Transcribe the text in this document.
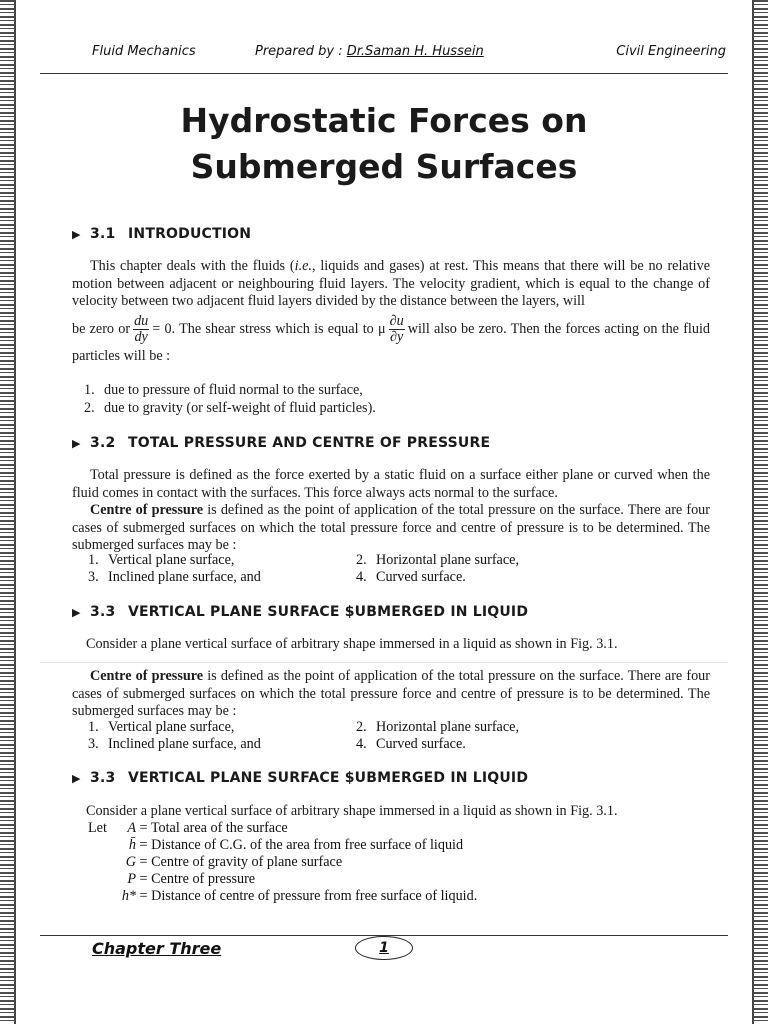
Fluid Mechanics	Prepared by : Dr.Saman H. Hussein	Civil Engineering
Hydrostatic Forces on
Submerged Surfaces
▶ 3.1 INTRODUCTION
This chapter deals with the fluids (i.e., liquids and gases) at rest. This means that there will be no relative motion between adjacent or neighbouring fluid layers. The velocity gradient, which is equal to the change of velocity between two adjacent fluid layers divided by the distance between the layers, will
be zero or $\frac{du}{dy} = 0$. The shear stress which is equal to μ $\frac{\partial u}{\partial y}$ will also be zero. Then the forces acting on the fluid particles will be :
1. due to pressure of fluid normal to the surface,
2. due to gravity (or self-weight of fluid particles).
▶ 3.2 TOTAL PRESSURE AND CENTRE OF PRESSURE
Total pressure is defined as the force exerted by a static fluid on a surface either plane or curved when the fluid comes in contact with the surfaces. This force always acts normal to the surface.
Centre of pressure is defined as the point of application of the total pressure on the surface. There are four cases of submerged surfaces on which the total pressure force and centre of pressure is to be determined. The submerged surfaces may be :
1. Vertical plane surface,	2. Horizontal plane surface,
3. Inclined plane surface, and	4. Curved surface.
▶ 3.3 VERTICAL PLANE SURFACE $UBMERGED IN LIQUID
Consider a plane vertical surface of arbitrary shape immersed in a liquid as shown in Fig. 3.1.
Centre of pressure is defined as the point of application of the total pressure on the surface. There are four cases of submerged surfaces on which the total pressure force and centre of pressure is to be determined. The submerged surfaces may be :
1. Vertical plane surface,	2. Horizontal plane surface,
3. Inclined plane surface, and	4. Curved surface.
▶ 3.3 VERTICAL PLANE SURFACE $UBMERGED IN LIQUID
Consider a plane vertical surface of arbitrary shape immersed in a liquid as shown in Fig. 3.1.
Let A = Total area of the surface
h̄ = Distance of C.G. of the area from free surface of liquid
G = Centre of gravity of plane surface
P = Centre of pressure
h* = Distance of centre of pressure from free surface of liquid.
Chapter Three	1
